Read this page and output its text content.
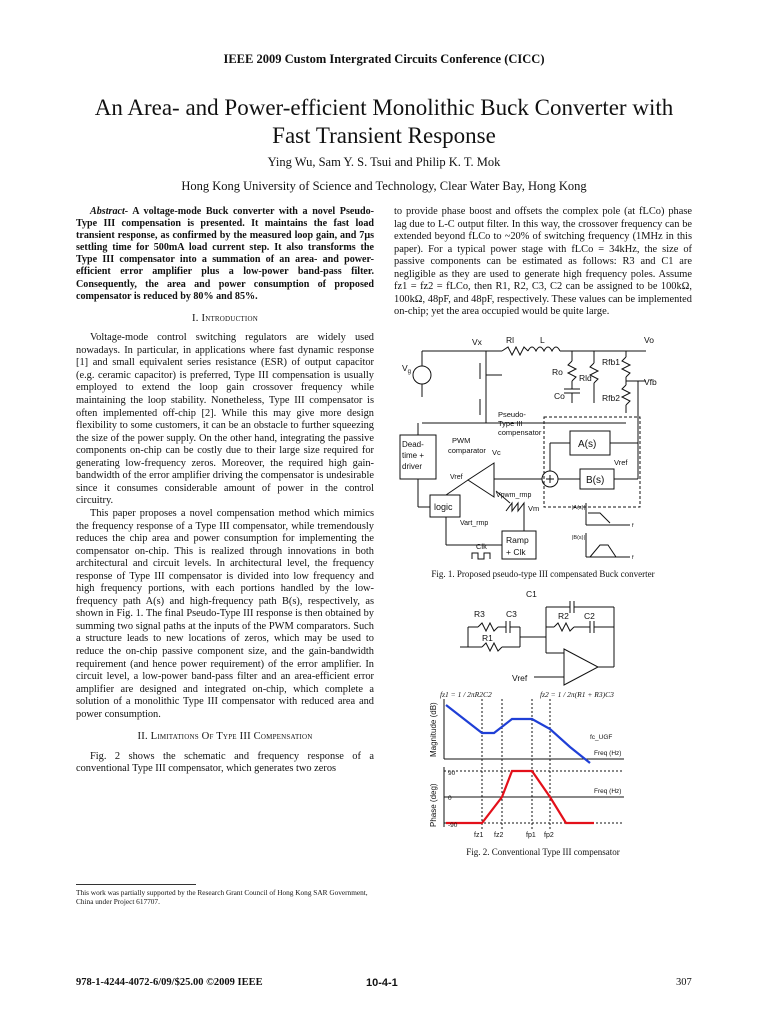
IEEE 2009 Custom Intergrated Circuits Conference (CICC)
An Area- and Power-efficient Monolithic Buck Converter with
Fast Transient Response
Ying Wu, Sam Y. S. Tsui and Philip K. T. Mok
Hong Kong University of Science and Technology, Clear Water Bay, Hong Kong

Abstract- A voltage-mode Buck converter with a novel Pseudo-Type III compensation is presented. It maintains the fast load transient response, as confirmed by the measured loop gain, and 7μs settling time for 500mA load current step. It also transforms the Type III compensator into a summation of an area- and power-efficient error amplifier plus a low-power band-pass filter. Consequently, the area and power consumption of proposed compensator is reduced by 80% and 85%.

I. Introduction

Voltage-mode control switching regulators are widely used nowadays. In particular, in applications where fast dynamic response [1] and small equivalent series resistance (ESR) of output capacitor (e.g. ceramic capacitor) is preferred, Type III compensation is usually employed to extend the loop gain crossover frequency while maintaining the loop stability. Nonetheless, Type III compensator is often implemented off-chip [2]. While this may give more design flexibility to some customers, it can be an obstacle to further squeezing the size of the power supply. On the other hand, integrating the passive components on-chip can be costly due to their large size required for generating low-frequency zeros. Moreover, the required high gain-bandwidth of the error amplifier driving the compensator is undesirable since it consumes considerable amount of power in the control circuitry.

This paper proposes a novel compensation method which mimics the frequency response of a Type III compensator, while tremendously reduces the chip area and power consumption for implementing the compensator on-chip. This is realized through innovations in both architectural and circuit levels. In architectural level, the frequency response of Type III compensator is divided into low frequency and high frequency portions, with each portions handled by the low-frequency path A(s) and high-frequency path B(s), respectively, as shown in Fig. 1. The final Pseudo-Type III response is then obtained by summing two signal paths at the inputs of the PWM comparators. Such a structure leads to new locations of zeros, which may be used to reduce the on-chip passive component size, and the gain-bandwidth requirement (and hence power requirement) of the error amplifier. In circuit level, a low-power band-pass filter and an area-efficient error amplifier are designed and integrated on-chip, which complete a solution of a monolithic Type III compensator with reduced area and power consumption.

II. Limitations Of Type III Compensation

Fig. 2 shows the schematic and frequency response of a conventional Type III compensator, which generates two zeros

to provide phase boost and offsets the complex pole (at fLCo) phase lag due to L-C output filter. In this way, the crossover frequency can be extended beyond fLCo to ~20% of switching frequency (1MHz in this paper). For a typical power stage with fLCo = 34kHz, the size of passive components can be estimated as follows: R3 and C1 are negligible as they are used to generate high frequency poles. Assume fz1 = fz2 = fLCo, then R1, R2, C3, C2 can be assigned to be 100kΩ, 100kΩ, 48pF, and 48pF, respectively. These values can be implemented on-chip; yet the area occupied would be quite large.

$V_g$
Vx	Rl	L
Ro
Co
Rld
Rfb1
Rfb2
Vo
Vfb
Pseudo-
Type III
compensator
A(s)
B(s)
Vref
Dead-
time +
driver
PWM
comparator Vc
Vpwm_rmp
Vref
logic
Vart_rmp
Vm
Clk
Ramp
+ Clk
|A(s)|
|B(s)|
f
f
Fig. 1. Proposed pseudo-type III compensated Buck converter
C1
R3 C3	R2 C2
R1
Vref
fz1 = 1 / 2πR2C2	fz2 = 1 / 2π(R1 + R3)C3
Magnitude (dB)
Phase (deg)
Freq (Hz)
Freq (Hz)
fc_UGF
90
0
-90
fz1 fz2	fp1 fp2
Fig. 2. Conventional Type III compensator
This work was partially supported by the Research Grant Council of Hong Kong SAR Government, China under Project 617707.
978-1-4244-4072-6/09/$25.00 ©2009 IEEE	10-4-1	307
